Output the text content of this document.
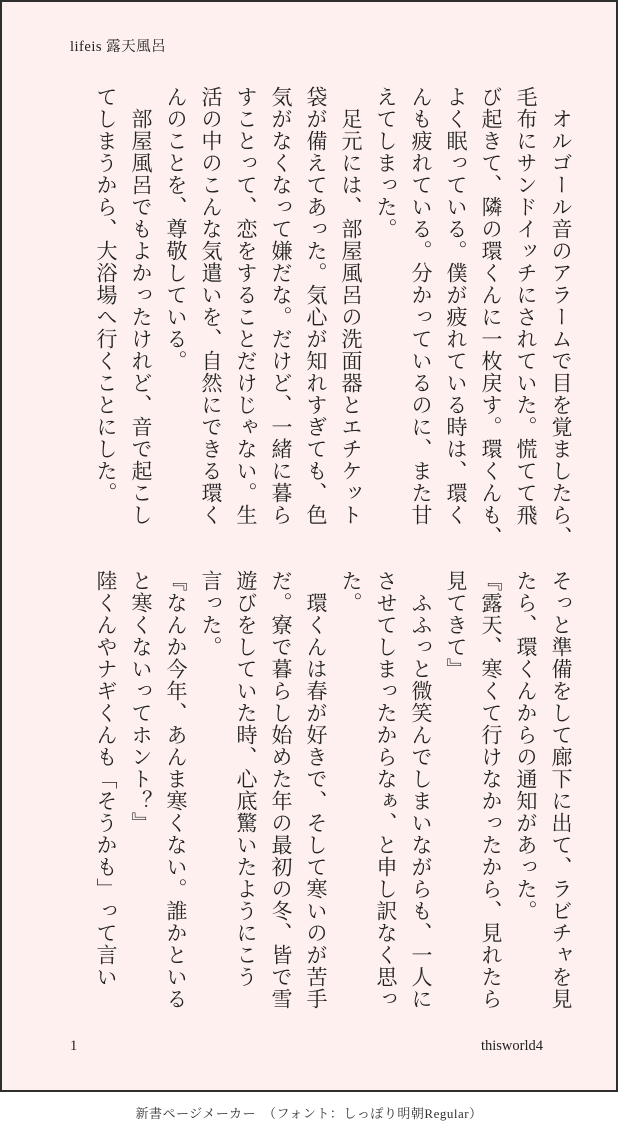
lifeis 露天風呂
　オルゴール音のアラームで目を覚ましたら、
毛布にサンドイッチにされていた。慌てて飛
び起きて、隣の環くんに一枚戻す。環くんも、
よく眠っている。僕が疲れている時は、環く
んも疲れている。分かっているのに、また甘
えてしまった。
　足元には、部屋風呂の洗面器とエチケット
袋が備えてあった。気心が知れすぎても、色
気がなくなって嫌だな。だけど、一緒に暮ら
すことって、恋をすることだけじゃない。生
活の中のこんな気遣いを、自然にできる環く
んのことを、尊敬している。
　部屋風呂でもよかったけれど、音で起こし
てしまうから、大浴場へ行くことにした。
そっと準備をして廊下に出て、ラビチャを見
たら、環くんからの通知があった。
『露天、寒くて行けなかったから、見れたら
見てきて』
　ふふっと微笑んでしまいながらも、一人に
させてしまったからなぁ、と申し訳なく思っ
た。
　環くんは春が好きで、そして寒いのが苦手
だ。寮で暮らし始めた年の最初の冬、皆で雪
遊びをしていた時、心底驚いたようにこう
言った。
『なんか今年、あんま寒くない。誰かといる
と寒くないってホント？』
陸くんやナギくんも「そうかも」って言い
1	thisworld4
新書ページメーカー　（フォント：しっぽり明朝Regular）
